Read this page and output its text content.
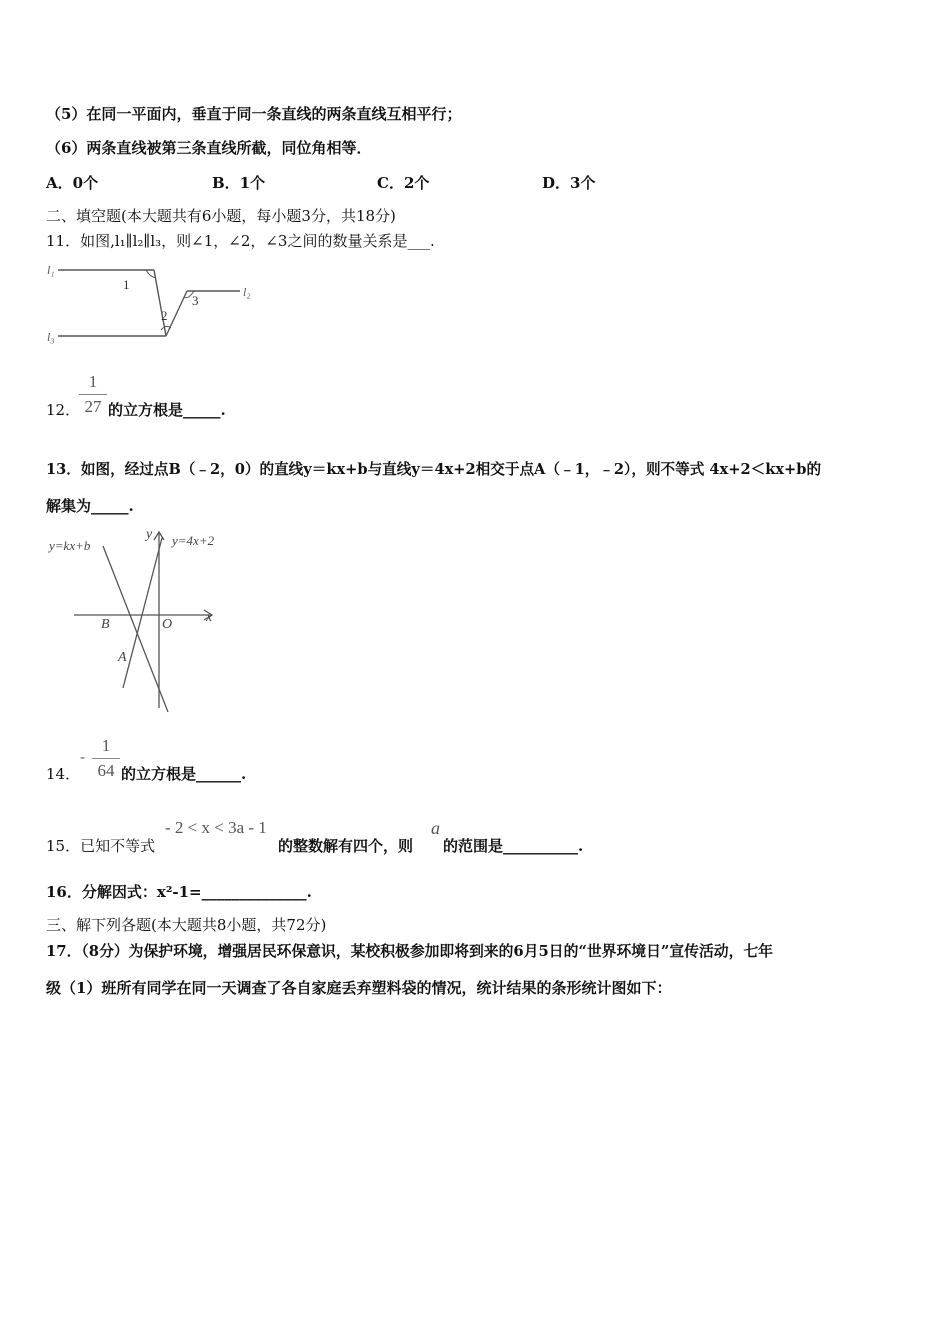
（5）在同一平面内，垂直于同一条直线的两条直线互相平行；
（6）两条直线被第三条直线所截，同位角相等．
A．0个	B．1个	C．2个	D．3个
二、填空题(本大题共有6小题，每小题3分，共18分)
11．如图,l₁∥l₂∥l₃，则∠1，∠2，∠3之间的数量关系是___.
l₁
l₂
l₃
1
2
3
12．
1
27 的立方根是_____.
13．如图，经过点B（﹣2，0）的直线y＝kx+b与直线y＝4x+2相交于点A（﹣1，﹣2），则不等式 4x+2＜kx+b的
解集为_____.
y=kx+b	y=4x+2
y
x
B	O
A
14．
-
1
64 的立方根是______.
15．已知不等式
- 2 < x < 3a - 1
的整数解有四个，则
a
的范围是__________.
16．分解因式：x²-1=______________.
三、解下列各题(本大题共8小题，共72分)
17．（8分）为保护环境，增强居民环保意识，某校积极参加即将到来的6月5日的“世界环境日”宣传活动，七年
级（1）班所有同学在同一天调查了各自家庭丢弃塑料袋的情况，统计结果的条形统计图如下：
